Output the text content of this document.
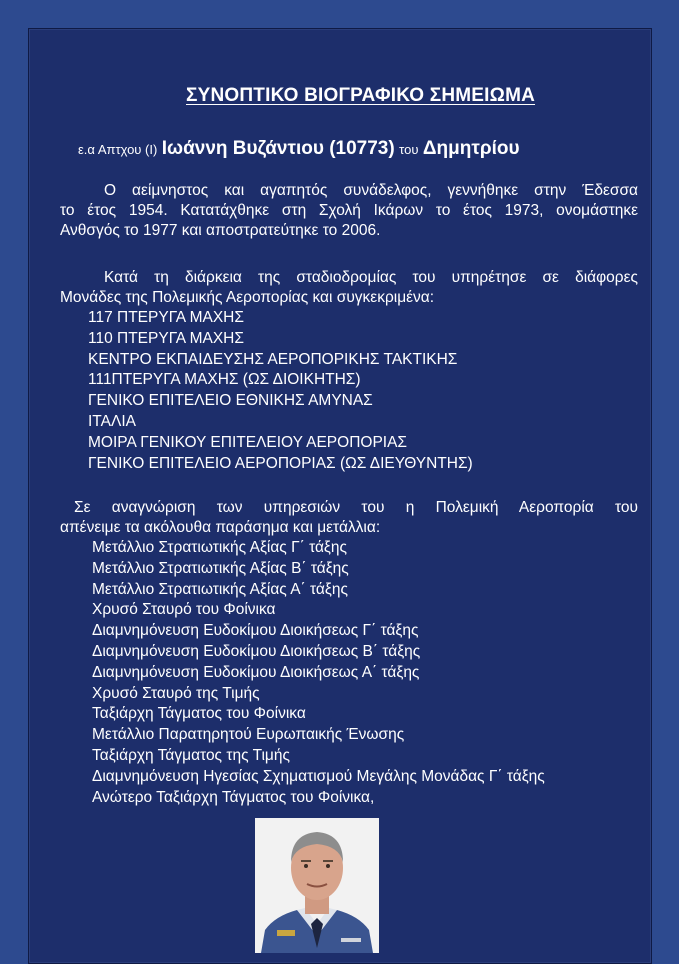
ΣΥΝΟΠΤΙΚΟ ΒΙΟΓΡΑΦΙΚΟ ΣΗΜΕΙΩΜΑ
ε.α Απτχου (Ι) Ιωάννη Βυζάντιου (10773) του Δημητρίου
Ο αείμνηστος και αγαπητός συνάδελφος, γεννήθηκε στην Έδεσσα
το έτος 1954. Κατατάχθηκε στη Σχολή Ικάρων το έτος 1973, ονομάστηκε
Ανθσγός το 1977 και αποστρατεύτηκε το 2006.
Κατά τη διάρκεια της σταδιοδρομίας του υπηρέτησε σε διάφορες
Μονάδες της Πολεμικής Αεροπορίας και συγκεκριμένα:
117 ΠΤΕΡΥΓΑ ΜΑΧΗΣ
110 ΠΤΕΡΥΓΑ ΜΑΧΗΣ
ΚΕΝΤΡΟ ΕΚΠΑΙΔΕΥΣΗΣ ΑΕΡΟΠΟΡΙΚΗΣ ΤΑΚΤΙΚΗΣ
111ΠΤΕΡΥΓΑ ΜΑΧΗΣ (ΩΣ ΔΙΟΙΚΗΤΗΣ)
ΓΕΝΙΚΟ ΕΠΙΤΕΛΕΙΟ ΕΘΝΙΚΗΣ ΑΜΥΝΑΣ
ΙΤΑΛΙΑ
ΜΟΙΡΑ ΓΕΝΙΚΟΥ ΕΠΙΤΕΛΕΙΟΥ ΑΕΡΟΠΟΡΙΑΣ
ΓΕΝΙΚΟ ΕΠΙΤΕΛΕΙΟ ΑΕΡΟΠΟΡΙΑΣ (ΩΣ ΔΙΕΥΘΥΝΤΗΣ)
Σε αναγνώριση των υπηρεσιών του η Πολεμική Αεροπορία του
απένειμε τα ακόλουθα παράσημα και μετάλλια:
Μετάλλιο Στρατιωτικής Αξίας Γ΄ τάξης
Μετάλλιο Στρατιωτικής Αξίας Β΄ τάξης
Μετάλλιο Στρατιωτικής Αξίας Α΄ τάξης
Χρυσό Σταυρό του Φοίνικα
Διαμνημόνευση Ευδοκίμου Διοικήσεως Γ΄ τάξης
Διαμνημόνευση Ευδοκίμου Διοικήσεως Β΄ τάξης
Διαμνημόνευση Ευδοκίμου Διοικήσεως Α΄ τάξης
Χρυσό Σταυρό της Τιμής
Ταξιάρχη Τάγματος του Φοίνικα
Μετάλλιο Παρατηρητού Ευρωπαικής Ένωσης
Ταξιάρχη Τάγματος της Τιμής
Διαμνημόνευση Ηγεσίας Σχηματισμού Μεγάλης Μονάδας Γ΄ τάξης
Ανώτερο Ταξιάρχη Τάγματος του Φοίνικα,
